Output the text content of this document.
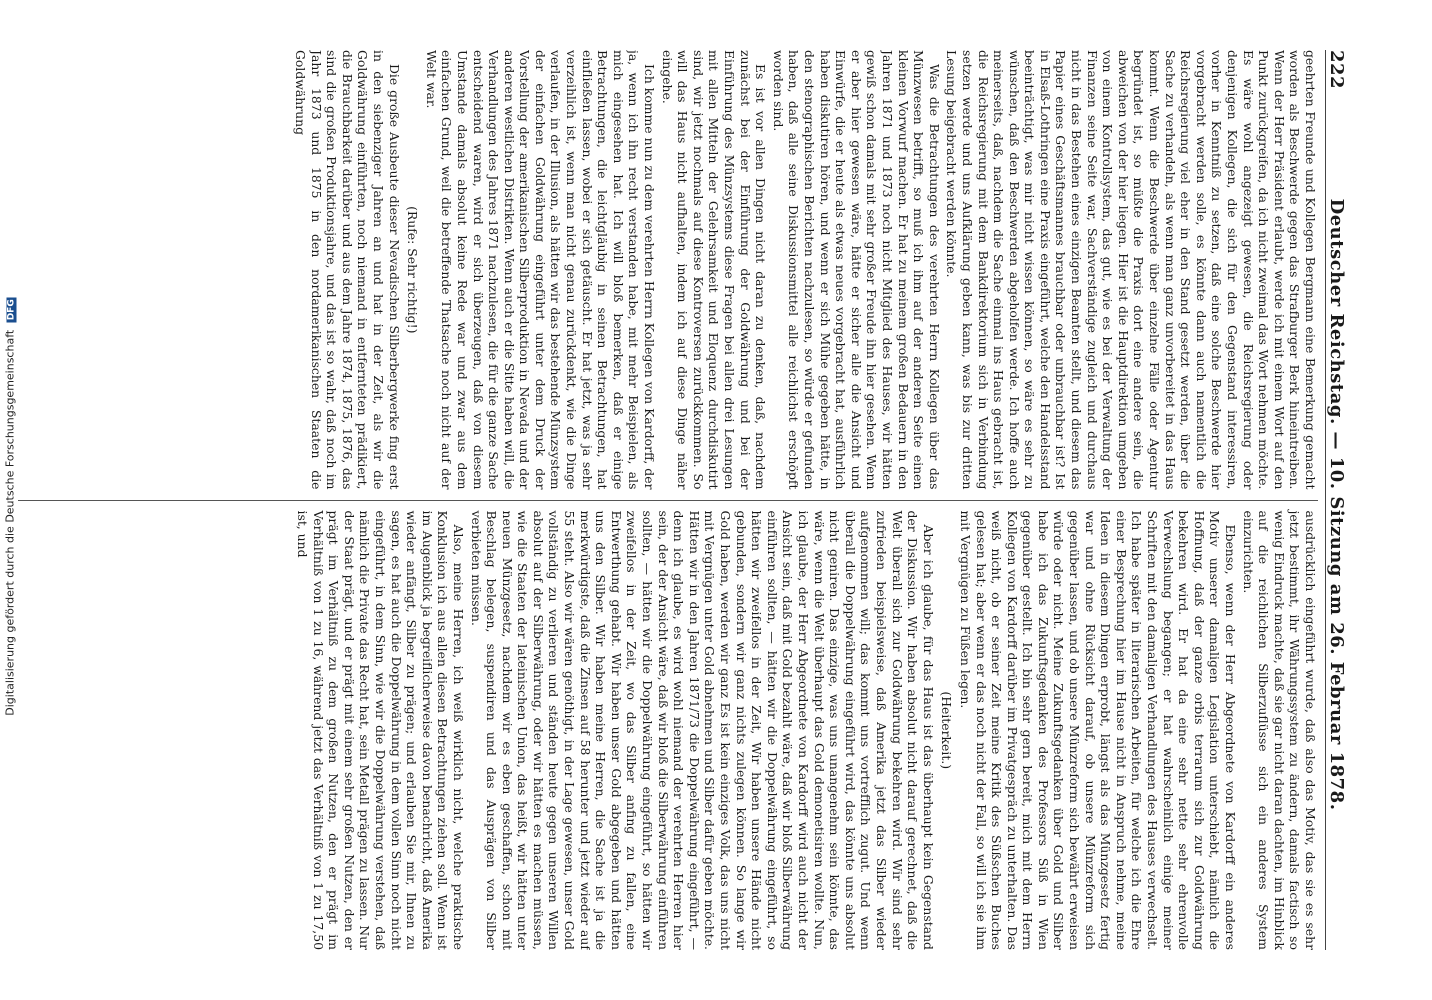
222
Deutscher Reichstag. — 10. Sitzung am 26. Februar 1878.

geehrten Freunde und Kollegen Bergmann eine Bemerkung gemacht worden als Beschwerde gegen das Strafburger Berk hineintreiben. Wenn der Herr Präsident erlaubt, werde ich mit einem Wort auf den Punkt zurückgreifen, da ich nicht zweimal das Wort nehmen möchte. Es wäre wohl angezeigt gewesen, die Reichsregierung oder denjenigen Kollegen, die sich für den Gegenstand interessiren, vorher in Kenntniß zu setzen, daß eine solche Beschwerde hier vorgebracht werden solle, es könnte dann auch namentlich die Reichsregierung viel eher in den Stand gesetzt werden, über die Sache zu verhandeln, als wenn man ganz unvorbereitet in das Haus kommt. Wenn die Beschwerde über einzelne Fälle oder Agentur begründet ist, so müßte die Praxis dort eine andere sein, die abweichen von der hier liegen. Hier ist die Hauptdirektion umgeben von einem Kontrollsystem, das gut, wie es bei der Verwaltung der Finanzen seine Seite war, Sachverständige zugleich und durchaus nicht in das Bestehen eines einzigen Beamten stellt, und diesem das Papier eines Geschäftsmannes brauchbar oder unbrauchbar ist? Ist in Elsaß-Lothringen eine Praxis eingeführt, welche den Handelsstand beeinträchtigt, was mir nicht wissen können, so wäre es sehr zu wünschen, daß den Beschwerden abgeholfen werde. Ich hoffe auch meinerseits, daß, nachdem die Sache einmal ins Haus gebracht ist, die Reichsregierung mit dem Bankdirektorium sich in Verbindung setzen werde und uns Aufklärung geben kann, was bis zur dritten Lesung beigebracht werden könnte.

Was die Betrachtungen des verehrten Herrn Kollegen über das Münzwesen betrifft, so muß ich ihm auf der anderen Seite einen kleinen Vorwurf machen. Er hat zu meinem großen Bedauern in den Jahren 1871 und 1873 noch nicht Mitglied des Hauses, wir hätten gewiß schon damals mit sehr großer Freude ihn hier gesehen. Wenn er aber hier gewesen wäre, hätte er sicher alle die Ansicht und Einwürfe, die er heute als etwas neues vorgebracht hat, ausführlich haben diskutiren hören, und wenn er sich Mühe gegeben hätte, in den stenographischen Berichten nachzulesen, so würde er gefunden haben, daß alle seine Diskussionsmittel alle reichlichst erschöpft worden sind.

Es ist vor allen Dingen nicht daran zu denken, daß, nachdem zunächst bei der Einführung der Goldwährung und bei der Einführung des Münzsystems diese Fragen bei allen drei Lesungen mit allen Mitteln der Gelehrsamkeit und Eloquenz durchdiskutirt sind, wir jetzt nochmals auf diese Kontroversen zurückkommen. So will das Haus nicht aufhalten, indem ich auf diese Dinge näher eingehe.

Ich komme nun zu dem verehrten Herrn Kollegen von Kardorff, der ja, wenn ich ihn recht verstanden habe, mit mehr Beispielen, als mich eingesehen hat. Ich will bloß bemerken, daß er einige Betrachtungen, die leichtgläubig in seinen Betrachtungen, hat einfließen lassen, wobei er sich getäuscht. Er hat jetzt, was ja sehr verzeihlich ist, wenn man nicht genau zurückdenkt, wie die Dinge verlaufen, in der Illusion, als hätten wir das bestehende Münzsystem der einfachen Goldwährung eingeführt unter dem Druck der Vorstellung der amerikanischen Silberproduktion in Nevada und der anderen westlichen Distrikten. Wenn auch er die Sitte haben will, die Verhandlungen des Jahres 1871 nachzulesen, die für die ganze Sache entscheidend waren, wird er sich überzeugen, daß von diesem Umstande damals absolut keine Rede war und zwar aus dem einfachen Grund, weil die betreffende Thatsache noch nicht auf der Welt war.

(Rufe: Sehr richtig!)

Die große Ausbeute dieser Nevadischen Silberbergwerke fing erst in den siebenziger Jahren an und hat in der Zeit, als wir die Goldwährung einführten, noch niemand in entfernteten prädikiert, die Brauchbarkeit darüber und aus dem Jahre 1874, 1875, 1876, das sind die großen Produktionsjahre, und das ist so wahr, daß noch im Jahr 1873 und 1875 in den nordamerikanischen Staaten die Goldwährung

ausdrücklich eingeführt wurde, daß also das Motiv, das sie es sehr jetzt bestimmt, ihr Währungssystem zu ändern, damals factisch so wenig Eindruck machte, daß sie gar nicht daran dachten, im Hinblick auf die reichlichen Silberzuflüsse sich ein anderes System einzurichten.

Ebenso, wenn der Herr Abgeordnete von Kardorff ein anderes Motiv unserer damaligen Legislation unterschiebt, nämlich die Hoffnung, daß der ganze orbis terrarum sich zur Goldwährung bekehren wird. Er hat da eine sehr nette sehr ehrenvolle Verwechslung begangen; er hat wahrscheinlich einige meiner Schriften mit den damaligen Verhandlungen des Hauses verwechselt. Ich habe später in literarischen Arbeiten, für welche ich die Ehre einer Besprechung hier im Hause nicht in Anspruch nehme, meine Ideen in diesem Dingen erprobt, längst als das Münzgesetz fertig war und ohne Rücksicht darauf, ob unsere Münzreform sich gegenüber lassen, und ob unsere Münzreform sich bewährt erweisen würde oder nicht. Meine Zukunftsgedanken über Gold und Silber habe ich das Zukunftsgedanken des Professors Süß in Wien gegenüber gestellt. Ich bin sehr gern bereit, mich mit dem Herrn Kollegen von Kardorff darüber im Privatgespräch zu unterhalten. Das weiß nicht, ob er seiner Zeit meine Kritik des Süßschen Buches gelesen hat; aber wenn er das noch nicht der Fall, so will ich sie ihm mit Vergnügen zu Füßen legen.

(Heiterkeit.)

Aber ich glaube, für das Haus ist das überhaupt kein Gegenstand der Diskussion. Wir haben absolut nicht darauf gerechnet, daß die Welt überall sich zur Goldwährung bekehren wird. Wir sind sehr zufrieden beispielsweise, daß Amerika jetzt das Silber wieder aufgenommen will; das kommt uns vortrefflich zugut. Und wenn überall die Doppelwährung eingeführt wird, das könnte uns absolut nicht geniren. Das einzige, was uns unangenehm sein könnte, das wäre, wenn die Welt überhaupt das Gold demonetisiren wollte. Nun, ich glaube, der Herr Abgeordnete von Kardorff wird auch nicht der Ansicht sein, daß mit Gold bezahlt wäre, daß wir bloß Silberwährung einführen sollten, — hätten wir die Doppelwährung eingeführt, so hätten wir zweifellos in der Zeit, Wir haben unsere Hände nicht gebunden, sondern wir ganz nichts zulegen können. So lange wir Gold haben, werden wir ganz Es ist kein einziges Volk, das uns nicht mit Vergnügen unter Gold abnehmen und Silber dafür geben möchte. Hätten wir in den Jahren 1871/73 die Doppelwährung eingeführt, — denn ich glaube, es wird wohl niemand der verehrten Herren hier sein, der der Ansicht wäre, daß wir bloß die Silberwährung einführen sollten, — hätten wir die Doppelwährung eingeführt, so hätten wir zweifellos in der Zeit, wo das Silber anfing zu fallen, eine Entwerthung gehabt. Wir haben unser Gold abgegeben und hätten uns den Silber. Wir haben meine Herren, die Sache ist ja die merkwürdigste, daß die Zinsen auf 58 herunter und jetzt wieder auf 55 steht. Also wir wären genöthigt, in der Lage gewesen, unser Gold vollständig zu verlieren und ständen heute gegen unseren Willen absolut auf der Silberwährung, oder wir hätten es machen müssen, wie die Staaten der lateinischen Union, das heißt, wir hätten unter neuen Münzgesetz, nachdem wir es eben geschaffen, schon mit Beschlag belegen, suspendiren und das Ausprägen von Silber verbieten müssen.

Also, meine Herren, ich weiß wirklich nicht, welche praktische Konklusion ich aus allen diesen Betrachtungen ziehen soll. Wenn ist im Augenblick ja begreiflicherweise davon benachricht, daß Amerika wieder anfängt, Silber zu prägen; und erlauben Sie mir, Ihnen zu sagen, es hat auch die Doppelwährung in dem vollen Sinn noch nicht eingeführt, in dem Sinn, wie wir die Doppelwährung verstehen, daß nämlich die Private das Recht hat, sein Metall prägen zu lassen. Nur der Staat prägt, und er prägt mit einem sehr großen Nutzen, den er prägt im Verhältniß zu dem großen Nutzen, den er prägt im Verhältniß von 1 zu 16, während jetzt das Verhältniß von 1 zu 17,50 ist, und

Digitalisierung gefördert durch die Deutsche Forschungsgemeinschaft DFG
